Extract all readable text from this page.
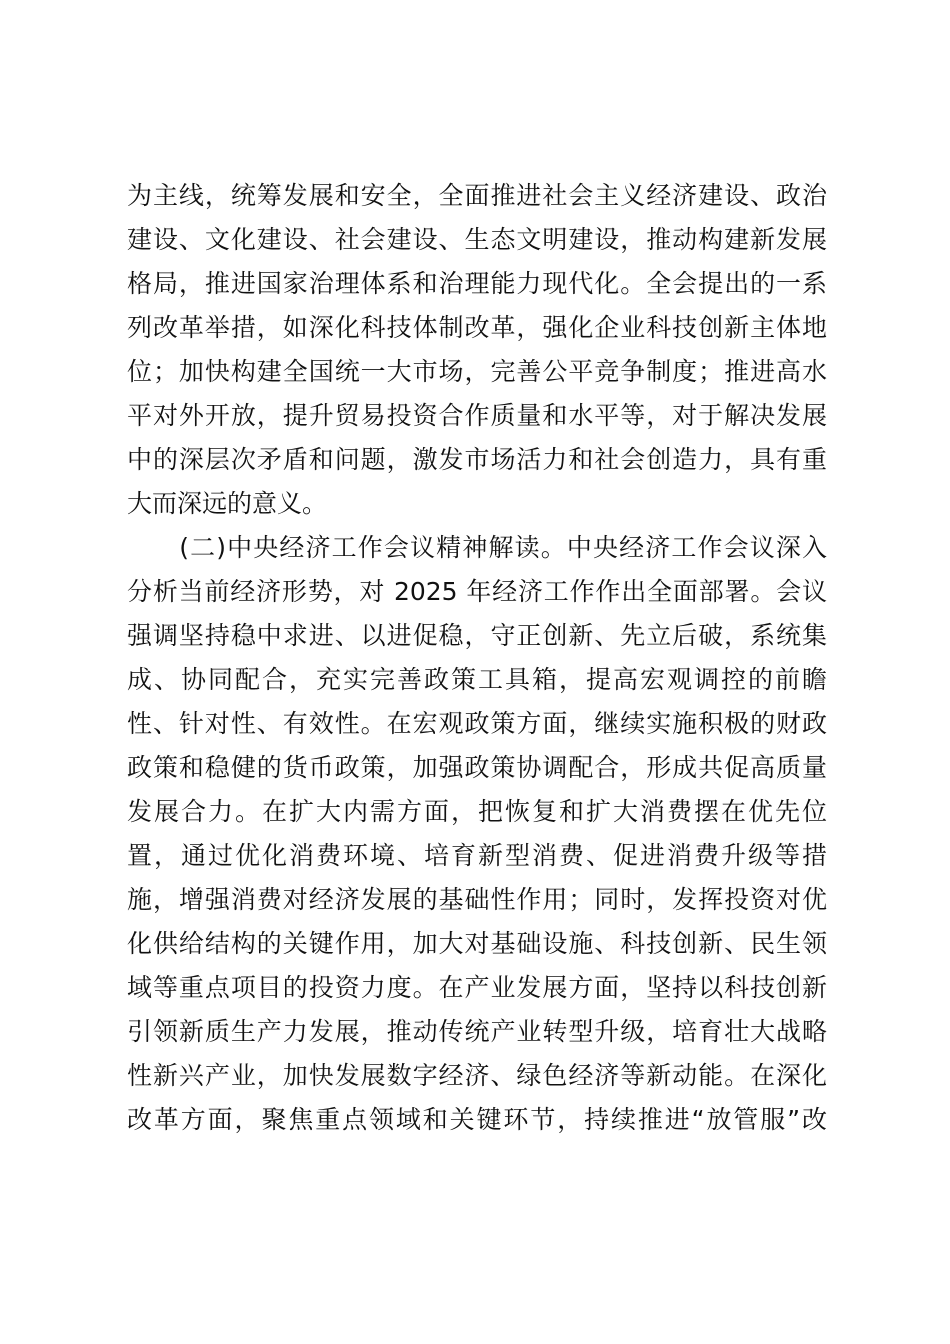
为主线，统筹发展和安全，全面推进社会主义经济建设、政治
建设、文化建设、社会建设、生态文明建设，推动构建新发展
格局，推进国家治理体系和治理能力现代化。全会提出的一系
列改革举措，如深化科技体制改革，强化企业科技创新主体地
位；加快构建全国统一大市场，完善公平竞争制度；推进高水
平对外开放，提升贸易投资合作质量和水平等，对于解决发展
中的深层次矛盾和问题，激发市场活力和社会创造力，具有重
大而深远的意义。
　　(二)中央经济工作会议精神解读。中央经济工作会议深入
分析当前经济形势，对 2025 年经济工作作出全面部署。会议
强调坚持稳中求进、以进促稳，守正创新、先立后破，系统集
成、协同配合，充实完善政策工具箱，提高宏观调控的前瞻
性、针对性、有效性。在宏观政策方面，继续实施积极的财政
政策和稳健的货币政策，加强政策协调配合，形成共促高质量
发展合力。在扩大内需方面，把恢复和扩大消费摆在优先位
置，通过优化消费环境、培育新型消费、促进消费升级等措
施，增强消费对经济发展的基础性作用；同时，发挥投资对优
化供给结构的关键作用，加大对基础设施、科技创新、民生领
域等重点项目的投资力度。在产业发展方面，坚持以科技创新
引领新质生产力发展，推动传统产业转型升级，培育壮大战略
性新兴产业，加快发展数字经济、绿色经济等新动能。在深化
改革方面，聚焦重点领域和关键环节，持续推进“放管服”改
